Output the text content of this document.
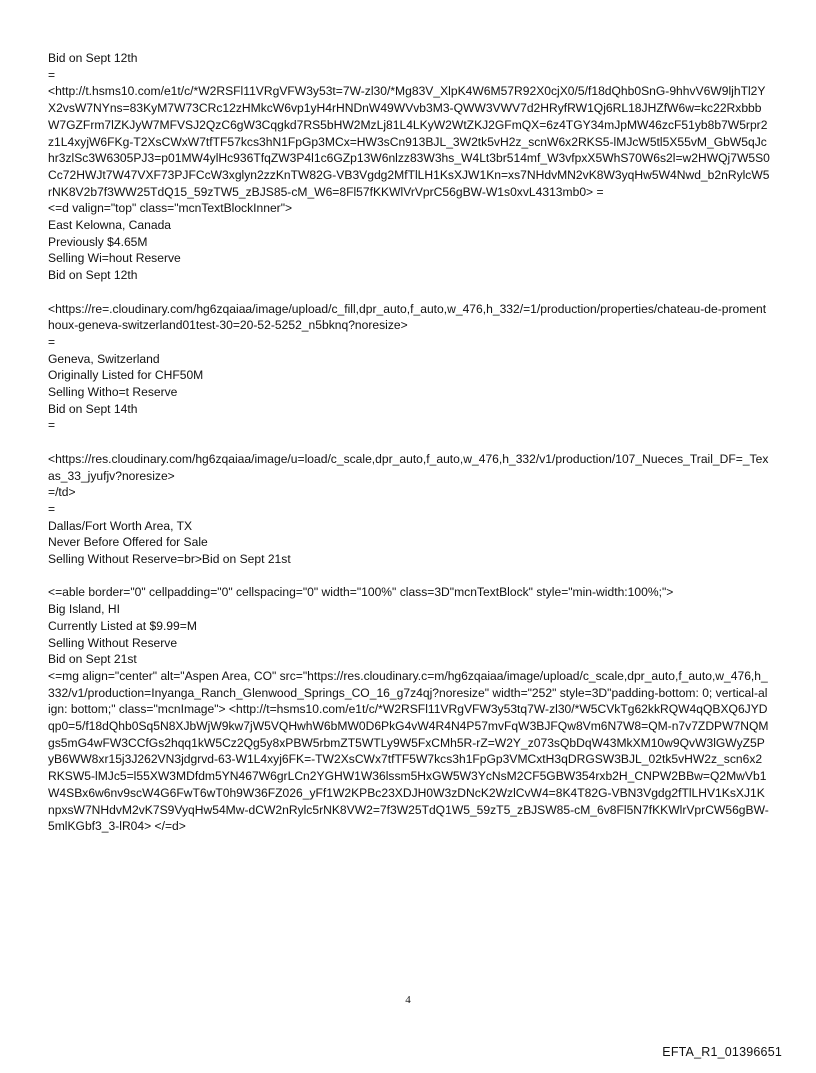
Bid on Sept 12th
=
<http://t.hsms10.com/e1t/c/*W2RSFl11VRgVFW3y53t=7W-zl30/*Mg83V_XlpK4W6M57R92X0cjX0/5/f18dQhb0SnG-9hhvV6W9ljhTl2YX2vsW7NYns=83KyM7W73CRc12zHMkcW6vp1yH4rHNDnW49WVvb3M3-QWW3VWV7d2HRyfRW1Qj6RL18JHZfW6w=kc22RxbbbW7GZFrm7lZKJyW7MFVSJ2QzC6gW3Cqgkd7RS5bHW2MzLj81L4LKyW2WtZKJ2GFmQX=6z4TGY34mJpMW46zcF51yb8b7W5rpr2z1L4xyjW6FKg-T2XsCWxW7tfTF57kcs3hN1FpGp3MCx=HW3sCn913BJL_3W2tk5vH2z_scnW6x2RKS5-lMJcW5tl5X55vM_GbW5qJchr3zlSc3W6305PJ3=p01MW4ylHc936TfqZW3P4l1c6GZp13W6nlzz83W3hs_W4Lt3br514mf_W3vfpxX5WhS70W6s2l=w2HWQj7W5S0Cc72HWJt7W47VXF73PJFCcW3xglyn2zzKnTW82G-VB3Vgdg2MfTlLH1KsXJW1Kn=xs7NHdvMN2vK8W3yqHw5W4Nwd_b2nRylcW5rNK8V2b7f3WW25TdQ15_59zTW5_zBJS85-cM_W6=8Fl57fKKWlVrVprC56gBW-W1s0xvL4313mb0> =
<=d valign="top" class="mcnTextBlockInner">
East Kelowna, Canada
Previously $4.65M
Selling Wi=hout Reserve
Bid on Sept 12th
<https://re=.cloudinary.com/hg6zqaiaa/image/upload/c_fill,dpr_auto,f_auto,w_476,h_332/=1/production/properties/chateau-de-promenthoux-geneva-switzerland01test-30=20-52-5252_n5bknq?noresize>
=
Geneva, Switzerland
Originally Listed for CHF50M
Selling Witho=t Reserve
Bid on Sept 14th
=
<https://res.cloudinary.com/hg6zqaiaa/image/u=load/c_scale,dpr_auto,f_auto,w_476,h_332/v1/production/107_Nueces_Trail_DF=_Texas_33_jyufjv?noresize>
=/td>
=
Dallas/Fort Worth Area, TX
Never Before Offered for Sale
Selling Without Reserve=br>Bid on Sept 21st
<=able border="0" cellpadding="0" cellspacing="0" width="100%" class=3D"mcnTextBlock" style="min-width:100%;">
Big Island, HI
Currently Listed at $9.99=M
Selling Without Reserve
Bid on Sept 21st
<=mg align="center" alt="Aspen Area, CO" src="https://res.cloudinary.c=m/hg6zqaiaa/image/upload/c_scale,dpr_auto,f_auto,w_476,h_332/v1/production=Inyanga_Ranch_Glenwood_Springs_CO_16_g7z4qj?noresize" width="252" style=3D"padding-bottom: 0; vertical-align: bottom;" class="mcnImage"> <http://t=hsms10.com/e1t/c/*W2RSFl11VRgVFW3y53tq7W-zl30/*W5CVkTg62kkRQW4qQBXQ6JYDqp0=5/f18dQhb0Sq5N8XJbWjW9kw7jW5VQHwhW6bMW0D6PkG4vW4R4N4P57mvFqW3BJFQw8Vm6N7W8=QM-n7v7ZDPW7NQMgs5mG4wFW3CCfGs2hqq1kW5Cz2Qg5y8xPBW5rbmZT5WTLy9W5FxCMh5R-rZ=W2Y_z073sQbDqW43MkXM10w9QvW3lGWyZ5PyB6WW8xr15j3J262VN3jdgrvd-63-W1L4xyj6FK=-TW2XsCWx7tfTF5W7kcs3h1FpGp3VMCxtH3qDRGSW3BJL_02tk5vHW2z_scn6x2RKSW5-lMJc5=l55XW3MDfdm5YN467W6grLCn2YGHW1W36lssm5HxGW5W3YcNsM2CF5GBW354rxb2H_CNPW2BBw=Q2MwVb1W4SBx6w6nv9scW4G6FwT6wT0h9W36FZ026_yFf1W2KPBc23XDJH0W3zDNcK2WzlCvW4=8K4T82G-VBN3Vgdg2fTlLHV1KsXJ1KnpxsW7NHdvM2vK7S9VyqHw54Mw-dCW2nRylc5rNK8VW2=7f3W25TdQ1W5_59zT5_zBJSW85-cM_6v8Fl5N7fKKWlrVprCW56gBW-5mlKGbf3_3-lR04> </=d>
4
EFTA_R1_01396651
